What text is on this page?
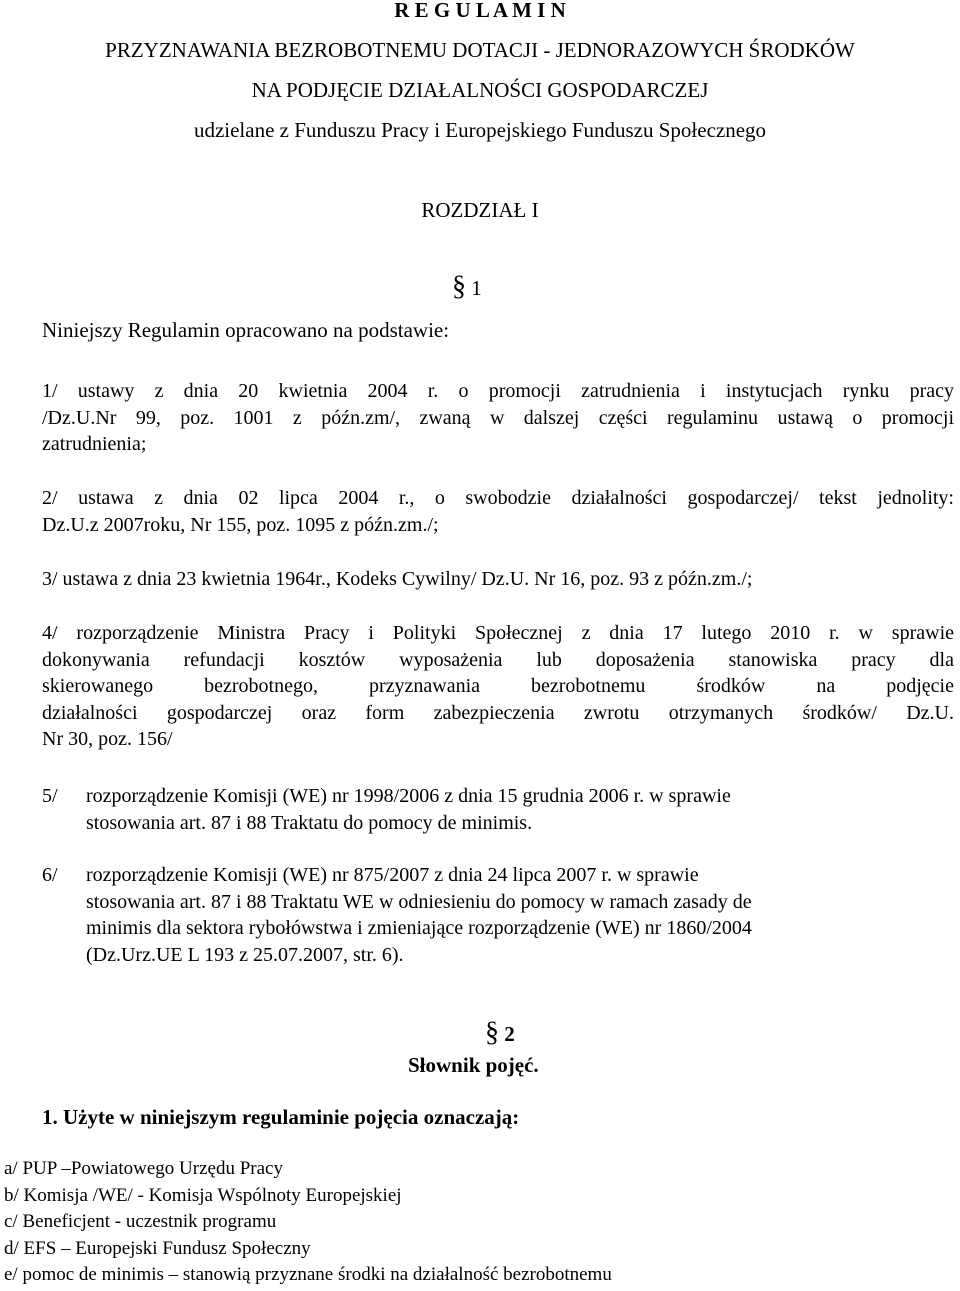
R E G U L A M I N
PRZYZNAWANIA BEZROBOTNEMU DOTACJI - JEDNORAZOWYCH ŚRODKÓW
NA PODJĘCIE DZIAŁALNOŚCI GOSPODARCZEJ
udzielane z Funduszu Pracy i Europejskiego Funduszu Społecznego
ROZDZIAŁ I
§ 1
Niniejszy Regulamin opracowano na podstawie:
1/ ustawy z dnia 20 kwietnia 2004 r. o promocji zatrudnienia i instytucjach rynku pracy
/Dz.U.Nr 99, poz. 1001 z późn.zm/, zwaną w dalszej części regulaminu ustawą o promocji
zatrudnienia;
2/ ustawa z dnia 02 lipca 2004 r., o swobodzie działalności gospodarczej/ tekst jednolity:
Dz.U.z 2007roku, Nr 155, poz. 1095 z późn.zm./;
3/ ustawa z dnia 23 kwietnia 1964r., Kodeks Cywilny/ Dz.U. Nr 16, poz. 93 z późn.zm./;
4/ rozporządzenie Ministra Pracy i Polityki Społecznej z dnia 17 lutego 2010 r. w sprawie
dokonywania refundacji kosztów wyposażenia lub doposażenia stanowiska pracy dla
skierowanego bezrobotnego, przyznawania bezrobotnemu środków na podjęcie
działalności gospodarczej oraz form zabezpieczenia zwrotu otrzymanych środków/ Dz.U.
Nr 30, poz. 156/
5/ rozporządzenie Komisji (WE) nr 1998/2006 z dnia 15 grudnia 2006 r. w sprawie
stosowania art. 87 i 88 Traktatu do pomocy de minimis.
6/ rozporządzenie Komisji (WE) nr 875/2007 z dnia 24 lipca 2007 r. w sprawie
stosowania art. 87 i 88 Traktatu WE w odniesieniu do pomocy w ramach zasady de
minimis dla sektora rybołówstwa i zmieniające rozporządzenie (WE) nr 1860/2004
(Dz.Urz.UE L 193 z 25.07.2007, str. 6).
§ 2
Słownik pojęć.
1. Użyte w niniejszym regulaminie pojęcia oznaczają:
a/ PUP –Powiatowego Urzędu Pracy
b/ Komisja /WE/ - Komisja Wspólnoty Europejskiej
c/ Beneficjent - uczestnik programu
d/ EFS – Europejski Fundusz Społeczny
e/ pomoc de minimis – stanowią przyznane środki na działalność bezrobotnemu
